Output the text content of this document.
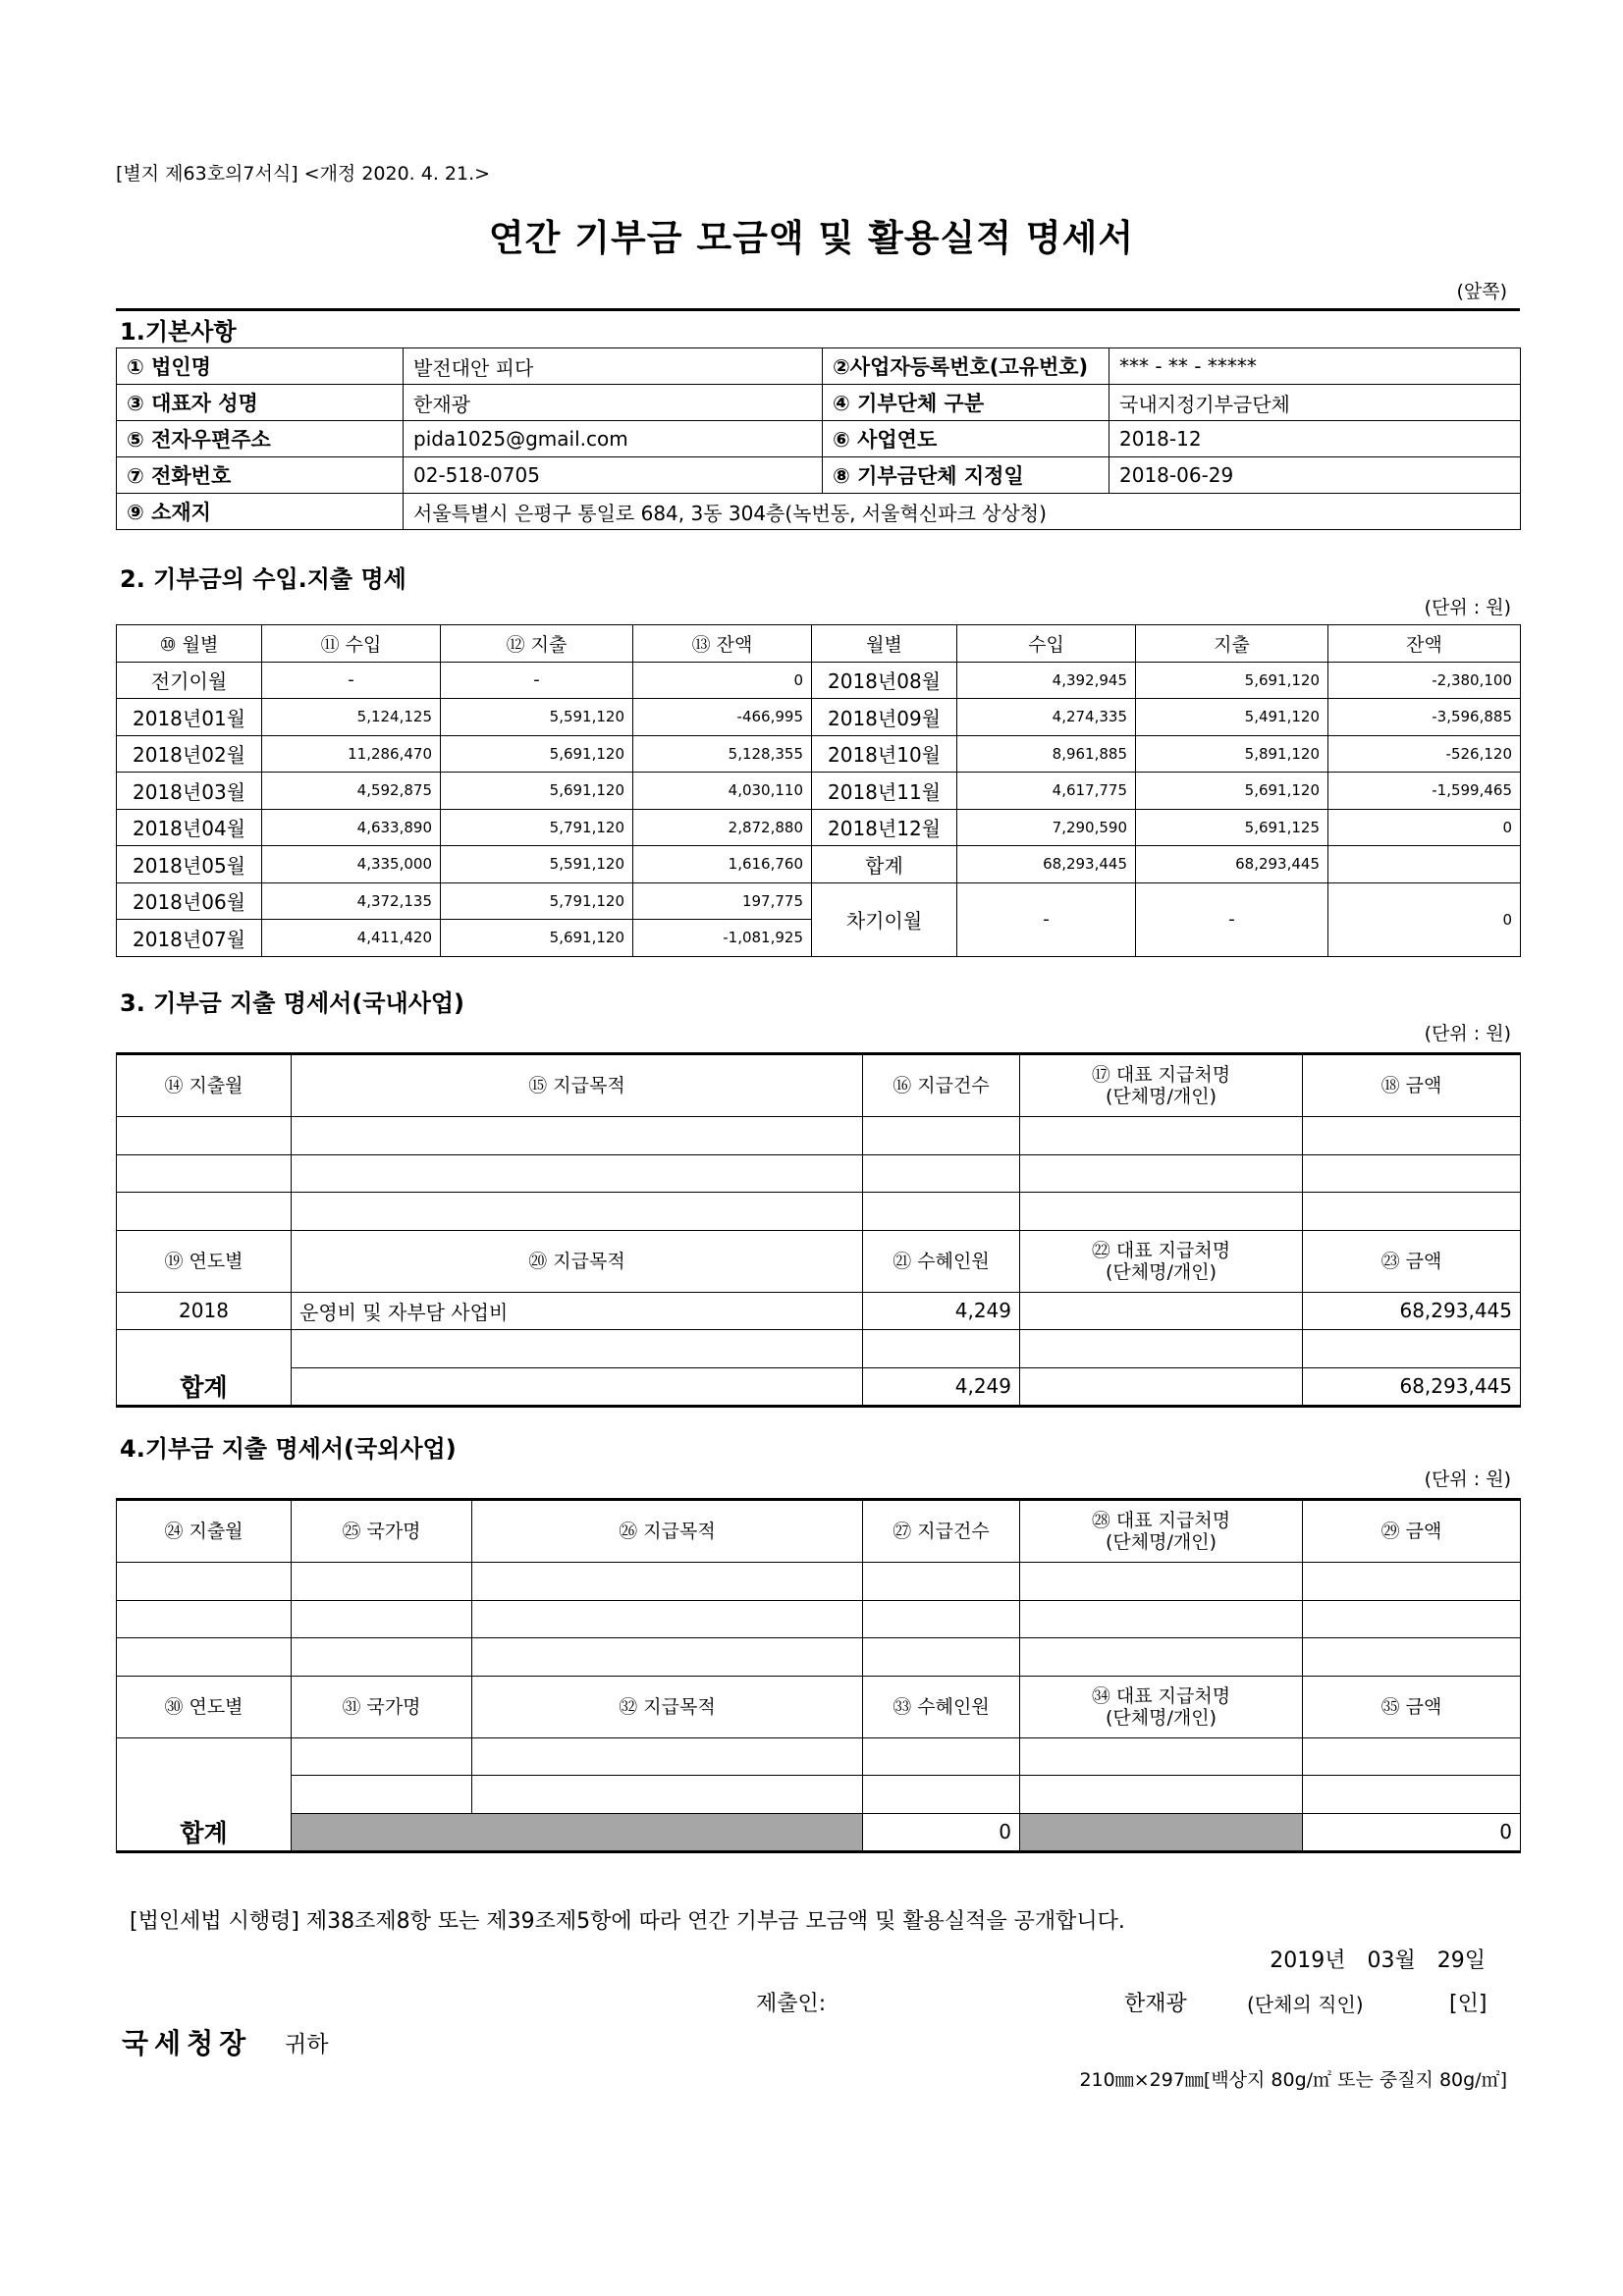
[별지 제63호의7서식] <개정 2020. 4. 21.>
연간 기부금 모금액 및 활용실적 명세서
(앞쪽)
1.기본사항
① 법인명	발전대안 피다	②사업자등록번호(고유번호)	*** - ** - *****
③ 대표자 성명	한재광	④ 기부단체 구분	국내지정기부금단체
⑤ 전자우편주소	pida1025@gmail.com	⑥ 사업연도	2018-12
⑦ 전화번호	02-518-0705	⑧ 기부금단체 지정일	2018-06-29
⑨ 소재지	서울특별시 은평구 통일로 684, 3동 304층(녹번동, 서울혁신파크 상상청)		
2. 기부금의 수입.지출 명세
(단위 : 원)
⑩ 월별	⑪ 수입	⑫ 지출	⑬ 잔액	월별	수입	지출	잔액
전기이월	-	-	0	2018년08월	4,392,945	5,691,120	-2,380,100
2018년01월	5,124,125	5,591,120	-466,995	2018년09월	4,274,335	5,491,120	-3,596,885
2018년02월	11,286,470	5,691,120	5,128,355	2018년10월	8,961,885	5,891,120	-526,120
2018년03월	4,592,875	5,691,120	4,030,110	2018년11월	4,617,775	5,691,120	-1,599,465
2018년04월	4,633,890	5,791,120	2,872,880	2018년12월	7,290,590	5,691,125	0
2018년05월	4,335,000	5,591,120	1,616,760	합계	68,293,445	68,293,445	
2018년06월	4,372,135	5,791,120	197,775	차기이월	-	-	0
2018년07월	4,411,420	5,691,120	-1,081,925				
3. 기부금 지출 명세서(국내사업)
(단위 : 원)
⑭ 지출월	⑮ 지급목적	⑯ 지급건수	⑰ 대표 지급처명
(단체명/개인)	⑱ 금액

⑲ 연도별	⑳ 지급목적	㉑ 수혜인원	㉒ 대표 지급처명
(단체명/개인)	㉓ 금액
2018	운영비 및 자부담 사업비	4,249		68,293,445

합계		4,249		68,293,445
4.기부금 지출 명세서(국외사업)
(단위 : 원)
㉔ 지출월	㉕ 국가명	㉖ 지급목적	㉗ 지급건수	㉘ 대표 지급처명
(단체명/개인)	㉙ 금액

㉚ 연도별	㉛ 국가명	㉜ 지급목적	㉝ 수혜인원	㉞ 대표 지급처명
(단체명/개인)	㉟ 금액

합계			0		0
[법인세법 시행령] 제38조제8항 또는 제39조제5항에 따라 연간 기부금 모금액 및 활용실적을 공개합니다.
2019년 03월 29일
제출인:	한재광	(단체의 직인)	[인]
국세청장 귀하
210㎜×297㎜[백상지 80g/㎡ 또는 중질지 80g/㎡]
